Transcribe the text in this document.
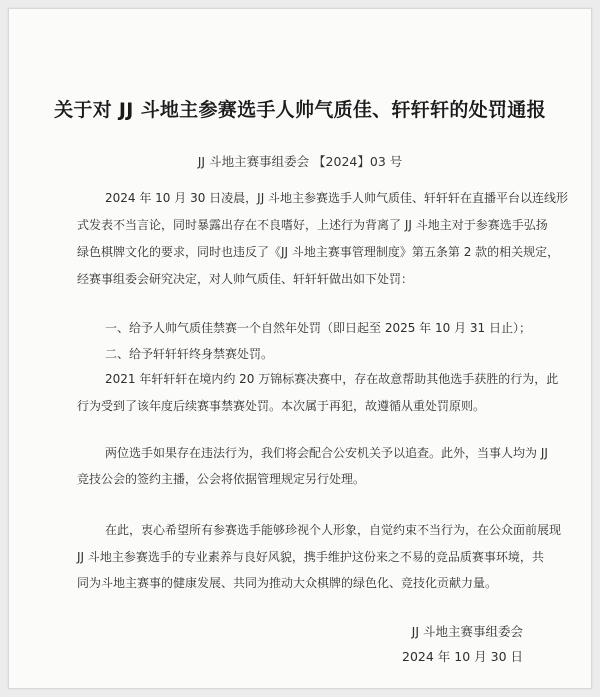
关于对 JJ 斗地主参赛选手人帅气质佳、轩轩轩的处罚通报
JJ 斗地主赛事组委会 【2024】03 号
2024 年 10 月 30 日凌晨，JJ 斗地主参赛选手人帅气质佳、轩轩轩在直播平台以连线形
式发表不当言论，同时暴露出存在不良嗜好，上述行为背离了 JJ 斗地主对于参赛选手弘扬
绿色棋牌文化的要求，同时也违反了《JJ 斗地主赛事管理制度》第五条第 2 款的相关规定，
经赛事组委会研究决定，对人帅气质佳、轩轩轩做出如下处罚：
一、给予人帅气质佳禁赛一个自然年处罚（即日起至 2025 年 10 月 31 日止）；
二、给予轩轩轩终身禁赛处罚。
2021 年轩轩轩在境内约 20 万锦标赛决赛中，存在故意帮助其他选手获胜的行为，此
行为受到了该年度后续赛事禁赛处罚。本次属于再犯，故遵循从重处罚原则。
两位选手如果存在违法行为，我们将会配合公安机关予以追查。此外，当事人均为 JJ
竞技公会的签约主播，公会将依据管理规定另行处理。
在此，衷心希望所有参赛选手能够珍视个人形象，自觉约束不当行为，在公众面前展现
JJ 斗地主参赛选手的专业素养与良好风貌，携手维护这份来之不易的竞品质赛事环境，共
同为斗地主赛事的健康发展、共同为推动大众棋牌的绿色化、竞技化贡献力量。
JJ 斗地主赛事组委会
2024 年 10 月 30 日
